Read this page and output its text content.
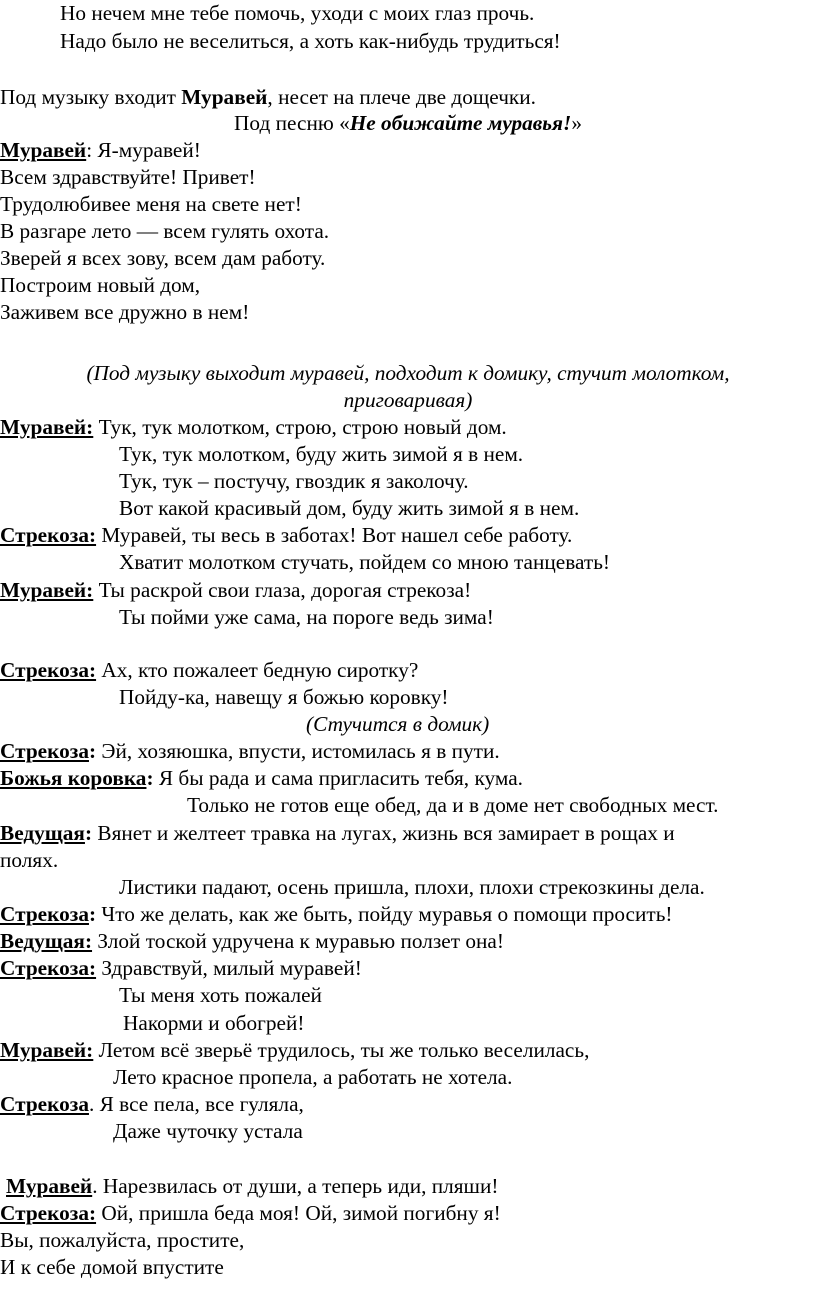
Но нечем мне тебе помочь, уходи с моих глаз прочь.
Надо было не веселиться, а хоть как-нибудь трудиться!
Под музыку входит Муравей, несет на плече две дощечки.
Под песню «Не обижайте муравья!»
Муравей: Я-муравей!
Всем здравствуйте! Привет!
Трудолюбивее меня на свете нет!
В разгаре лето — всем гулять охота.
Зверей я всех зову, всем дам работу.
Построим новый дом,
Заживем все дружно в нем!
(Под музыку выходит муравей, подходит к домику, стучит молотком,
приговаривая)
Муравей: Тук, тук молотком, строю, строю новый дом.
Тук, тук молотком, буду жить зимой я в нем.
Тук, тук – постучу, гвоздик я заколочу.
Вот какой красивый дом, буду жить зимой я в нем.
Стрекоза: Муравей, ты весь в заботах! Вот нашел себе работу.
Хватит молотком стучать, пойдем со мною танцевать!
Муравей: Ты раскрой свои глаза, дорогая стрекоза!
Ты пойми уже сама, на пороге ведь зима!
Стрекоза: Ах, кто пожалеет бедную сиротку?
Пойду-ка, навещу я божью коровку!
(Стучится в домик)
Стрекоза: Эй, хозяюшка, впусти, истомилась я в пути.
Божья коровка: Я бы рада и сама пригласить тебя, кума.
Только не готов еще обед, да и в доме нет свободных мест.
Ведущая: Вянет и желтеет травка на лугах, жизнь вся замирает в рощах и
полях.
Листики падают, осень пришла, плохи, плохи стрекозкины дела.
Стрекоза: Что же делать, как же быть, пойду муравья о помощи просить!
Ведущая: Злой тоской удручена к муравью ползет она!
Стрекоза: Здравствуй, милый муравей!
Ты меня хоть пожалей
Накорми и обогрей!
Муравей: Летом всё зверьё трудилось, ты же только веселилась,
Лето красное пропела, а работать не хотела.
Стрекоза. Я все пела, все гуляла,
Даже чуточку устала
Муравей. Нарезвилась от души, а теперь иди, пляши!
Стрекоза: Ой, пришла беда моя! Ой, зимой погибну я!
Вы, пожалуйста, простите,
И к себе домой впустите
